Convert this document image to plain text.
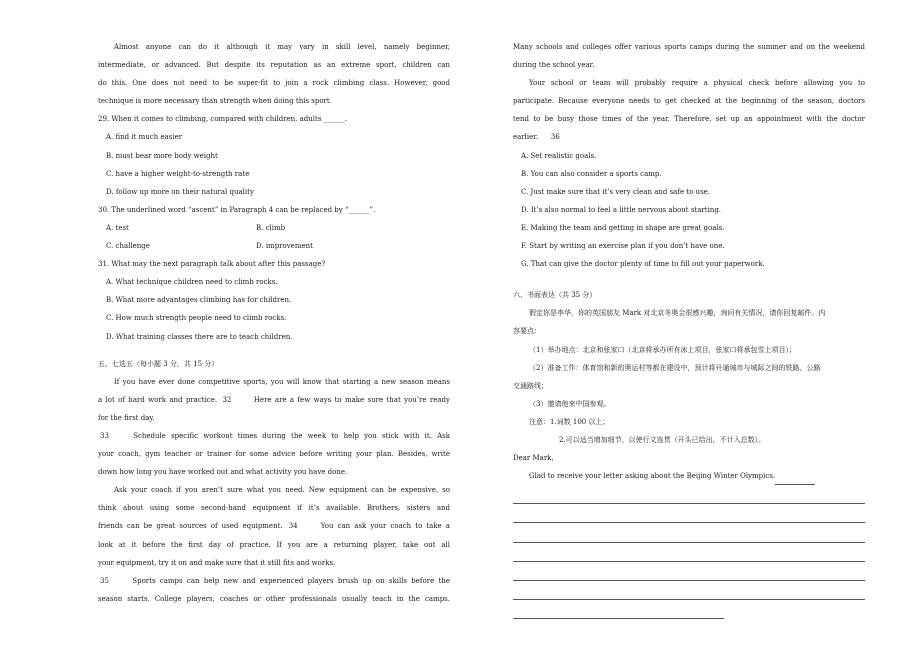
Almost anyone can do it although it may vary in skill level, namely beginner,
intermediate, or advanced. But despite its reputation as an extreme sport, children can
do this. One does not need to be super-fit to join a rock climbing class. However, good
technique is more necessary than strength when doing this sport.
29. When it comes to climbing, compared with children, adults ______.
A. find it much easier
B. must bear more body weight
C. have a higher weight-to-strength rate
D. follow up more on their natural quality
30. The underlined word “ascent” in Paragraph 4 can be replaced by “______”.
A. test	B. climb
C. challenge	D. improvement
31. What may the next paragraph talk about after this passage?
A. What technique children need to climb rocks.
B. What more advantages climbing has for children.
C. How much strength people need to climb rocks.
D. What training classes there are to teach children.
五、七选五（每小题 3 分，共 15 分）
If you have ever done competitive sports, you will know that starting a new season means
a lot of hard work and practice. 32	Here are a few ways to make sure that you’re ready
for the first day.
33	Schedule specific workout times during the week to help you stick with it. Ask
your coach, gym teacher or trainer for some advice before writing your plan. Besides, write
down how long you have worked out and what activity you have done.
Ask your coach if you aren’t sure what you need. New equipment can be expensive, so
think about using some second-hand equipment if it’s available. Brothers, sisters and
friends can be great sources of used equipment. 34	You can ask your coach to take a
look at it before the first day of practice. If you are a returning player, take out all
your equipment, try it on and make sure that it still fits and works.
35	Sports camps can help new and experienced players brush up on skills before the
season starts. College players, coaches or other professionals usually teach in the camps.
Many schools and colleges offer various sports camps during the summer and on the weekend
during the school year.
Your school or team will probably require a physical check before allowing you to
participate. Because everyone needs to get checked at the beginning of the season, doctors
tend to be busy those times of the year. Therefore, set up an appointment with the doctor
earlier. 36
A. Set realistic goals.
B. You can also consider a sports camp.
C. Just make sure that it’s very clean and safe to use.
D. It’s also normal to feel a little nervous about starting.
E. Making the team and getting in shape are great goals.
F. Start by writing an exercise plan if you don’t have one.
G. That can give the doctor plenty of time to fill out your paperwork.
六、书面表达（共 35 分）
假定你是李华，你的英国朋友 Mark 对北京冬奥会很感兴趣，询问有关情况，请你回复邮件。内
容要点：
（1）举办地点：北京和张家口（北京将承办所有冰上项目，张家口将承包雪上项目）；
（2）准备工作：体育馆和新的奥运村等都在建设中，预计将开通城市与城际之间的铁路、公路
交通路线；
（3）邀请他来中国参观。
注意：1.词数 100 以上；
2.可以适当增加细节，以使行文连贯（开头已给出，不计入总数）。
Dear Mark,
Glad to receive your letter asking about the Beijing Winter Olympics.
